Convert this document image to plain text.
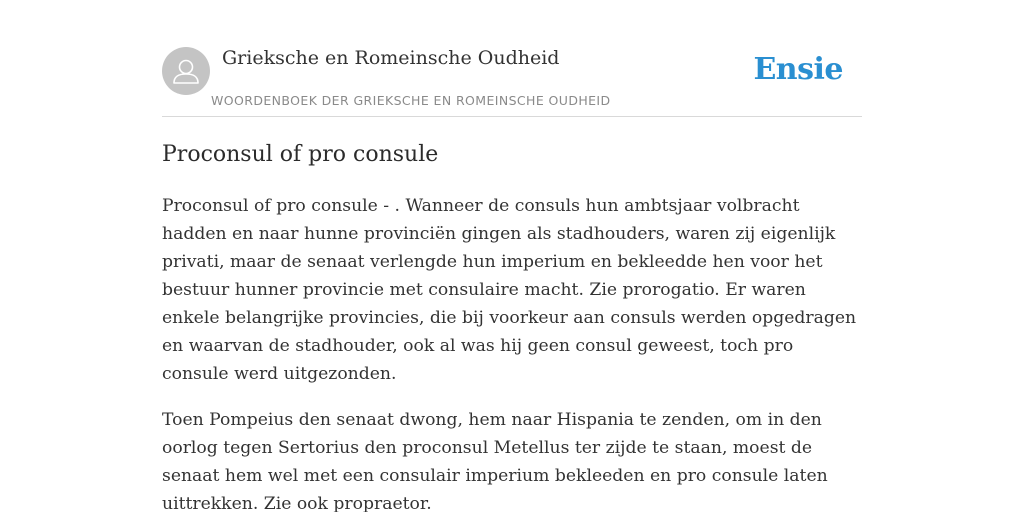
Grieksche en Romeinsche Oudheid
WOORDENBOEK DER GRIEKSCHE EN ROMEINSCHE OUDHEID
Ensie
Proconsul of pro consule

Proconsul of pro consule - . Wanneer de consuls hun ambtsjaar volbracht hadden en naar hunne provinciën gingen als stadhouders, waren zij eigenlijk privati, maar de senaat verlengde hun imperium en bekleedde hen voor het bestuur hunner provincie met consulaire macht. Zie prorogatio. Er waren enkele belangrijke provincies, die bij voorkeur aan consuls werden opgedragen en waarvan de stadhouder, ook al was hij geen consul geweest, toch pro consule werd uitgezonden.

Toen Pompeius den senaat dwong, hem naar Hispania te zenden, om in den oorlog tegen Sertorius den proconsul Metellus ter zijde te staan, moest de senaat hem wel met een consulair imperium bekleeden en pro consule laten uittrekken. Zie ook propraetor.
